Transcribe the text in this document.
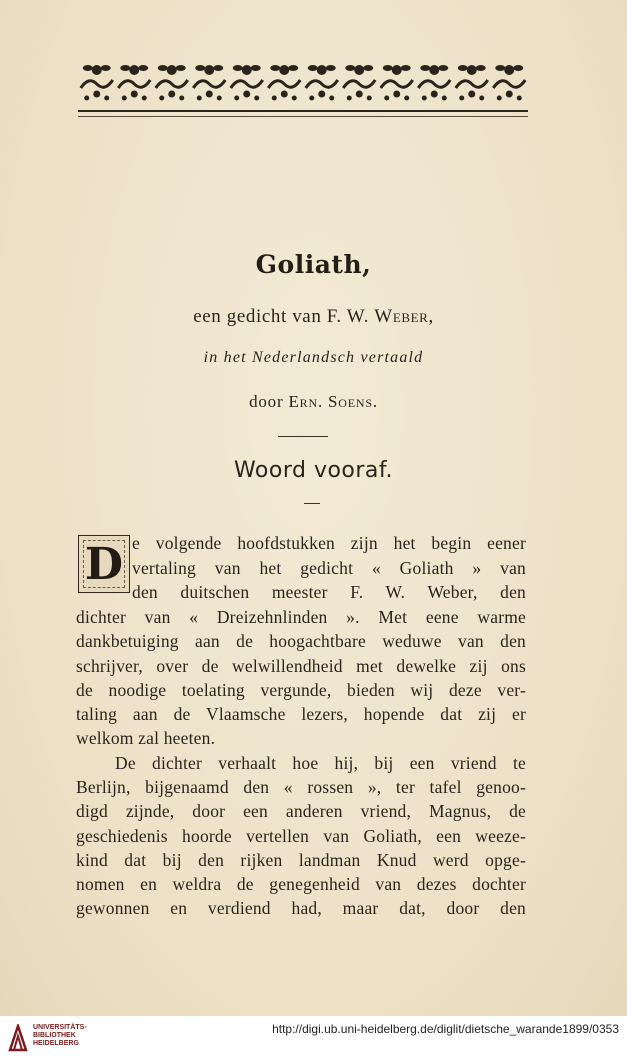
Goliath,
een gedicht van F. W. Weber,
in het Nederlandsch vertaald
door Ern. Soens.
Woord vooraf.
D e volgende hoofdstukken zijn het begin eener
vertaling van het gedicht « Goliath » van
den duitschen meester F. W. Weber, den
dichter van « Dreizehnlinden ». Met eene warme
dankbetuiging aan de hoogachtbare weduwe van den
schrijver, over de welwillendheid met dewelke zij ons
de noodige toelating vergunde, bieden wij deze ver-
taling aan de Vlaamsche lezers, hopende dat zij er
welkom zal heeten.
De dichter verhaalt hoe hij, bij een vriend te
Berlijn, bijgenaamd den « rossen », ter tafel genoo-
digd zijnde, door een anderen vriend, Magnus, de
geschiedenis hoorde vertellen van Goliath, een weeze-
kind dat bij den rijken landman Knud werd opge-
nomen en weldra de genegenheid van dezes dochter
gewonnen en verdiend had, maar dat, door den
UNIVERSITÄTS-
BIBLIOTHEK
HEIDELBERG
http://digi.ub.uni-heidelberg.de/diglit/dietsche_warande1899/0353
